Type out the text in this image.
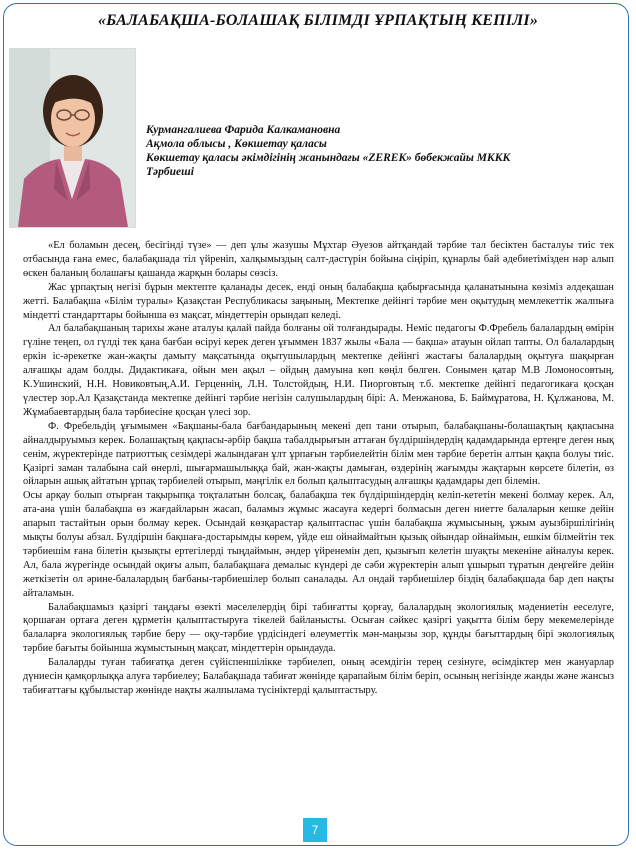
«БАЛАБАҚША-БОЛАШАҚ БІЛІМДІ ҰРПАҚТЫҢ КЕПІЛІ»
Курмангалиева Фарида Калкамановна
Ақмола облысы , Көкшетау қаласы
Көкшетау қаласы әкімдігінің жанындағы «ZEREK» бөбекжайы МККК
Тәрбиеші

«Ел боламын десең, бесігінді түзе» — деп ұлы жазушы Мұхтар Әуезов айтқандай тәрбие тал бесіктен басталуы тиіс тек отбасында ғана емес, балабақшада тіл үйреніп, халқымыздың салт-дәстүрін бойына сіңіріп, құнарлы бай әдебиетімізден нәр алып өскен баланың болашағы қашанда жарқын болары сөзсіз.

Жас ұрпақтың негізі бұрын мектепте қаланады десек, енді оның балабақша қабырғасында қаланатынына көзіміз әлдеқашан жетті. Балабақша «Білім туралы» Қазақстан Республикасы заңының, Мектепке дейінгі тәрбие мен оқытудың мемлекеттік жалпыға міндетті стандарттары бойынша өз мақсат, міндеттерін орындап келеді.

Ал балабақшаның тарихы және аталуы қалай пайда болғаны ой толғандырады. Неміс педагогы Ф.Фребель балалардың өмірін гүліне теңеп, ол гүлді тек қана бағбан өсіруі керек деген ұғыммен 1837 жылы «Бала — бақша» атауын ойлап тапты. Ол балалардың еркін іс-әрекетке жан-жақты дамыту мақсатында оқытушылардың мектепке дейінгі жастағы балалардың оқытуға шақырған алғашқы адам болды. Дидактикаға, ойын мен ақыл – ойдың дамуына көп көңіл бөлген. Сонымен қатар М.В Ломоносовтың, К.Ушинский, Н.Н. Новиковтың,А.И. Герценнің, Л.Н. Толстойдың, Н.И. Пиорговтың т.б. мектепке дейінгі педагогикаға қосқан үлестер зор.Ал Қазақстанда мектепке дейінгі тәрбие негізін салушылардың бірі: А. Менжанова, Б. Баймұратова, Н. Құлжанова, М. Жұмабаевтардың бала тәрбиесіне қосқан үлесі зор.

Ф. Фребельдің ұғымымен «Бақшаны-бала бағбандарының мекені деп тани отырып, балабақшаны-болашақтың қақпасына айналдыруымыз керек. Болашақтың қақпасы-әрбір бақша табалдырығын аттаған бүлдіршіндердің қадамдарында ертеңге деген нық сенім, жүректерінде патриоттық сезімдері жалындаған ұлт ұрпағын тәрбиелейтін білім мен тәрбие беретін алтын қақпа болуы тиіс. Қазіргі заман талабына сай өнерлі, шығармашылыққа бай, жан-жақты дамыған, өздерінің жағымды жақтарын көрсете білетін, өз ойларын ашық айтатын ұрпақ тәрбиелей отырып, мәңгілік ел болып қалыптасудың алғашқы қадамдары деп білемін.

Осы арқау болып отырған тақырыпқа тоқталатын болсақ, балабақша тек бүлдіршіндердің келіп-кететін мекені болмау керек. Ал, ата-ана үшін балабақша өз жағдайларын жасап, баламыз жұмыс жасауға кедергі болмасын деген ниетте балаларын кешке дейін апарып тастайтын орын болмау керек. Осындай көзқарастар қалыптаспас үшін балабақша жұмысының, ұжым ауызбіршілігінің мықты болуы абзал. Бүлдіршін бақшаға-достарымды көрем, үйде еш ойнаймайтын қызық ойындар ойнаймын, ешкім білмейтін тек тәрбиешім ғана білетін қызықты ертегілерді тыңдаймын, әндер үйренемін деп, қызығып келетін шуақты мекеніне айналуы керек. Ал, бала жүрегінде осындай оқиғы алып, балабақшаға демалыс күндері де сәби жүректерін алып ұшырып тұратын деңгейге дейін жеткізетін ол әрине-балалардың бағбаны-тәрбиешілер болып саналады. Ал ондай тәрбиешілер біздің балабақшада бар деп нақты айталамын.

Балабақшамыз қазіргі таңдағы өзекті мәселелердің бірі табиғатты қорғау, балалардың экологиялық мәдениетін ееселуге, қоршаған ортаға деген құрметін қалыптастыруға тікелей байланысты. Осыған сәйкес қазіргі уақытта білім беру мекемелерінде балаларға экологиялық тәрбие беру — оқу-тәрбие үрдісіндегі өлеуметтік мән-маңызы зор, құнды бағыттардың бірі экологиялық тәрбие бағыты бойынша жұмыстының мақсат, міндеттерін орындауда.

Балаларды туған табиғатқа деген сүйіспеншілікке тәрбиелеп, оның әсемдігін терең сезінуге, өсімдіктер мен жануарлар дүниесін қамқорлыққа алуға тәрбиелеу; Балабақшада табиғат жөнінде қарапайым білім беріп, осының негізінде жанды және жансыз табиғаттағы құбылыстар жөнінде нақты жалпылама түсініктерді қалыптастыру.

7
